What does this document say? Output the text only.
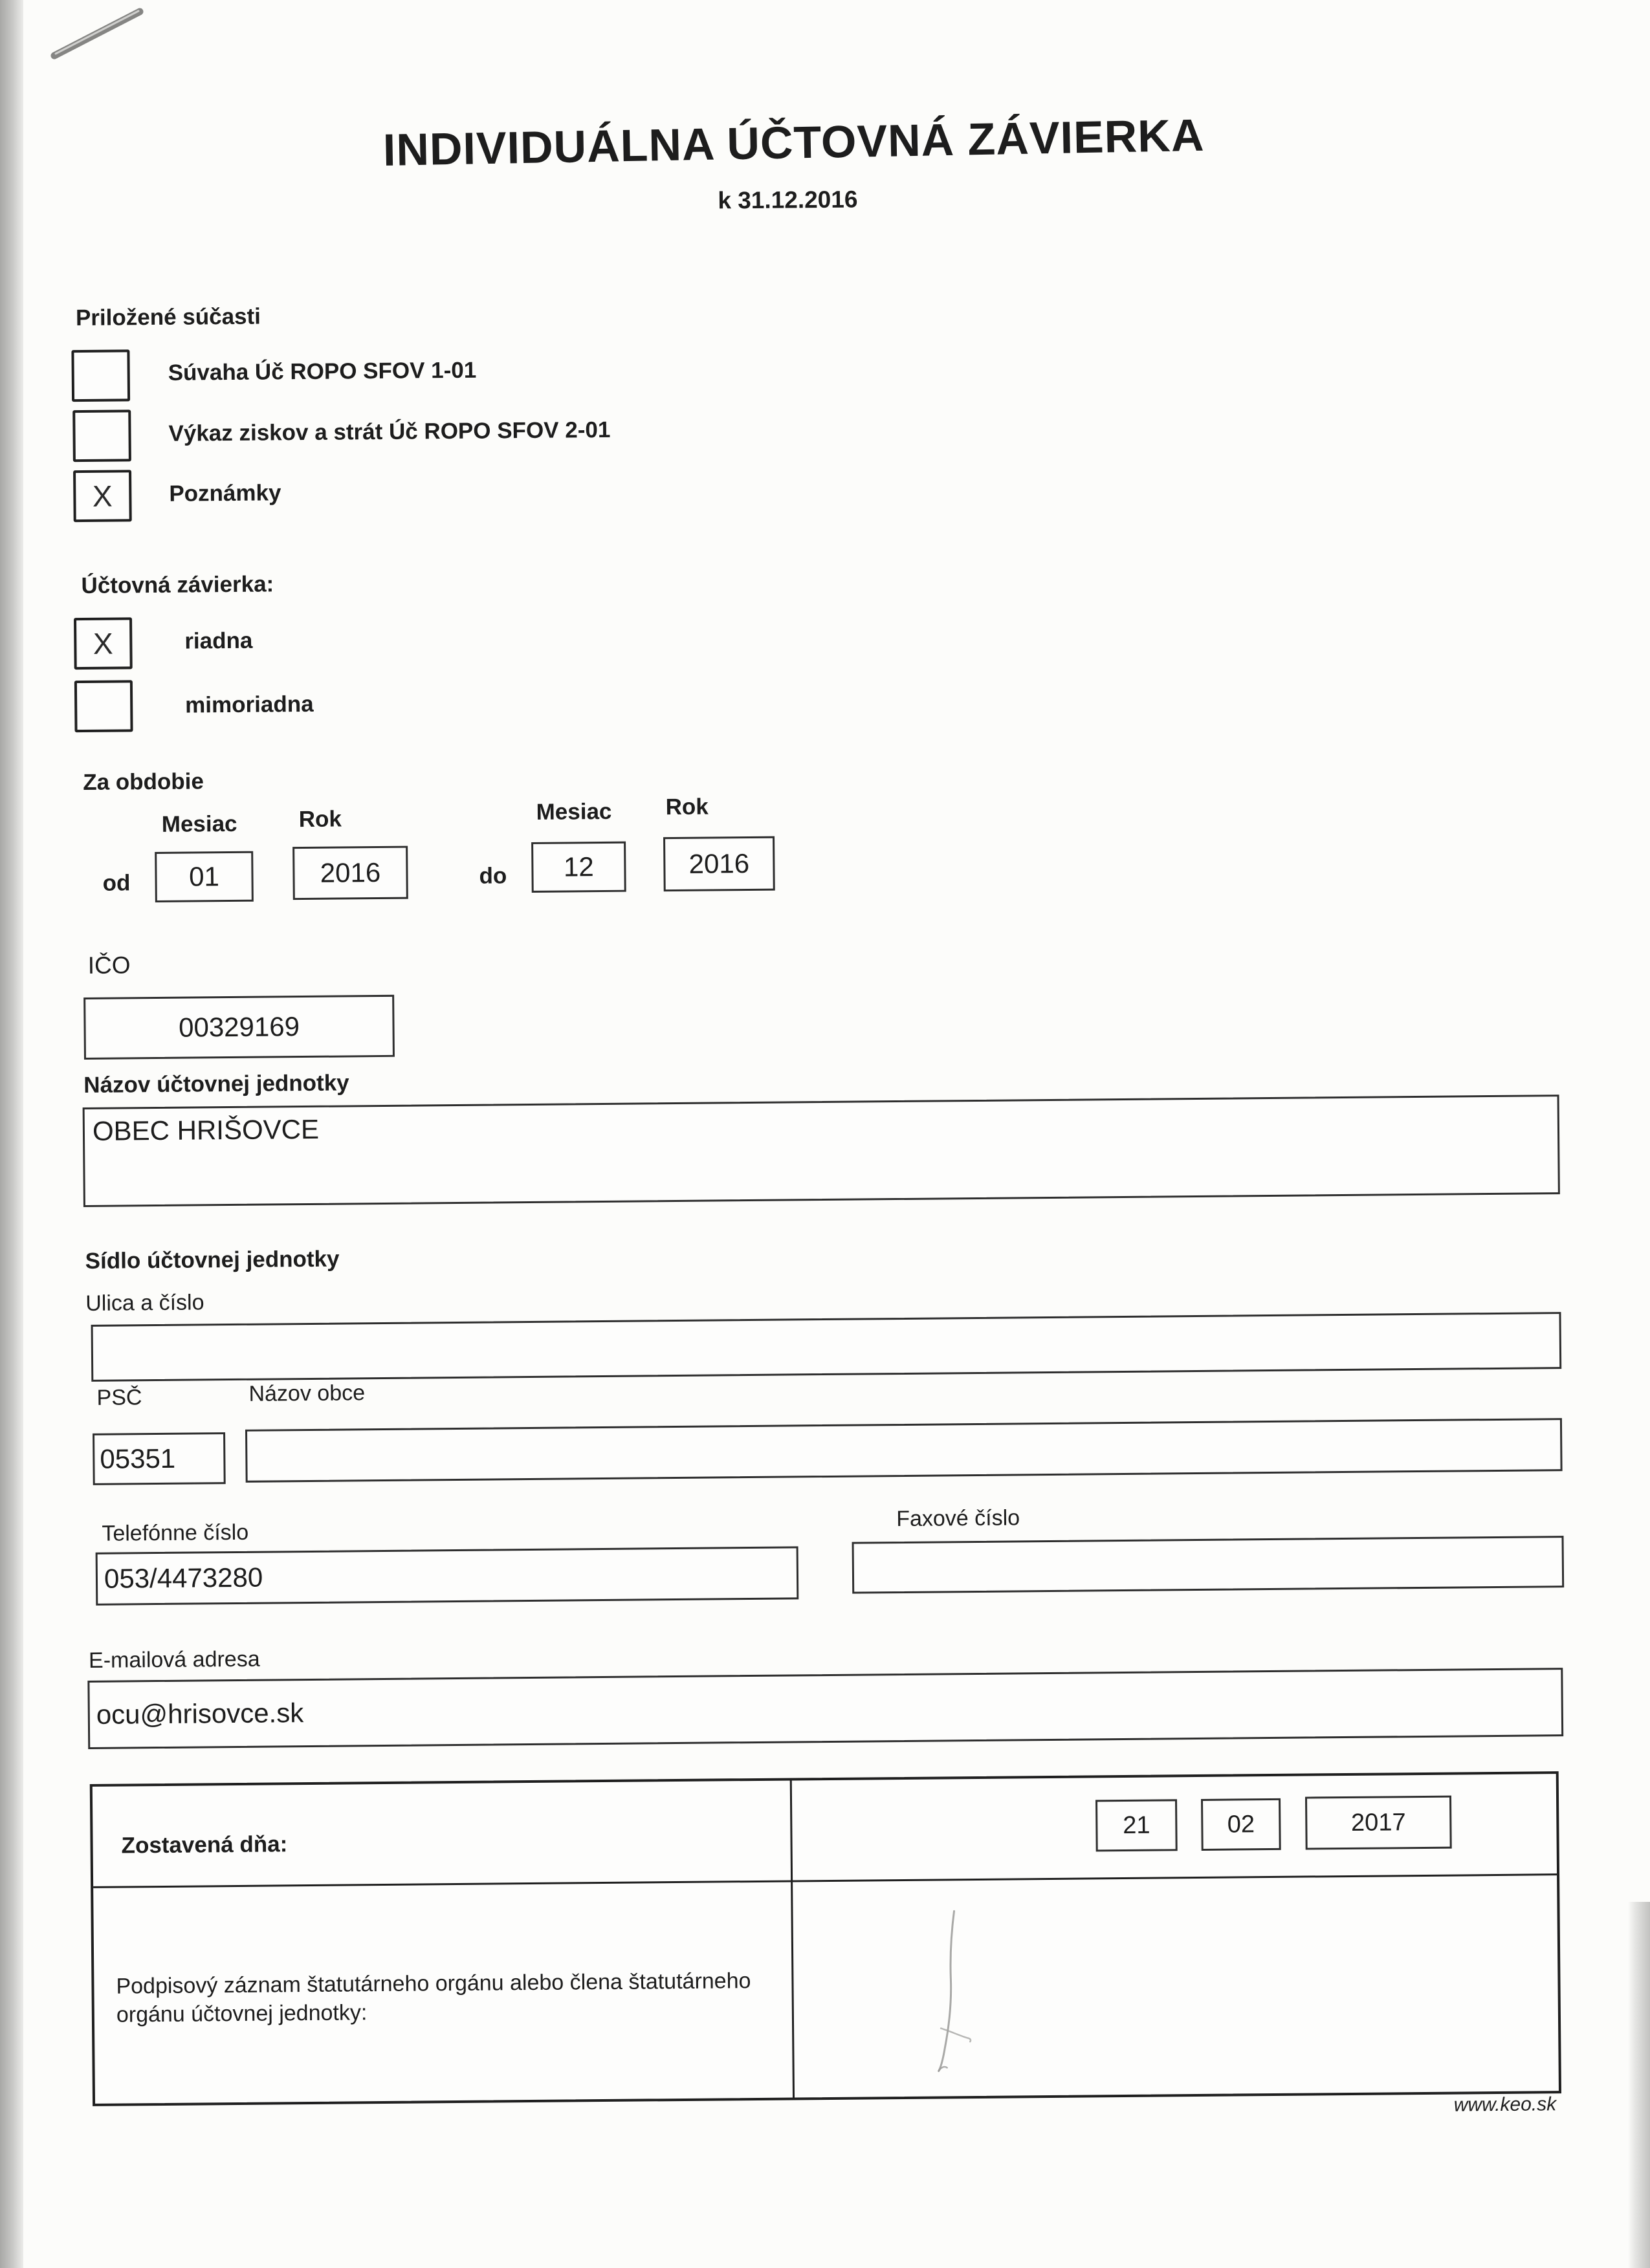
INDIVIDUÁLNA ÚČTOVNÁ ZÁVIERKA
k 31.12.2016
Priložené súčasti
Súvaha Úč ROPO SFOV 1-01
Výkaz ziskov a strát Úč ROPO SFOV 2-01
X Poznámky
Účtovná závierka:
X	riadna
mimoriadna
Za obdobie
Mesiac	Rok
od	01	2016
Mesiac Rok
do	12	2016
IČO
00329169
Názov účtovnej jednotky
OBEC HRIŠOVCE
Sídlo účtovnej jednotky
Ulica a číslo
PSČ	Názov obce
05351
Telefónne číslo
Faxové číslo
053/4473280
E-mailová adresa
ocu@hrisovce.sk
Zostavená dňa:
21	02	2017
Podpisový záznam štatutárneho orgánu alebo člena štatutárneho orgánu účtovnej jednotky:
www.keo.sk
